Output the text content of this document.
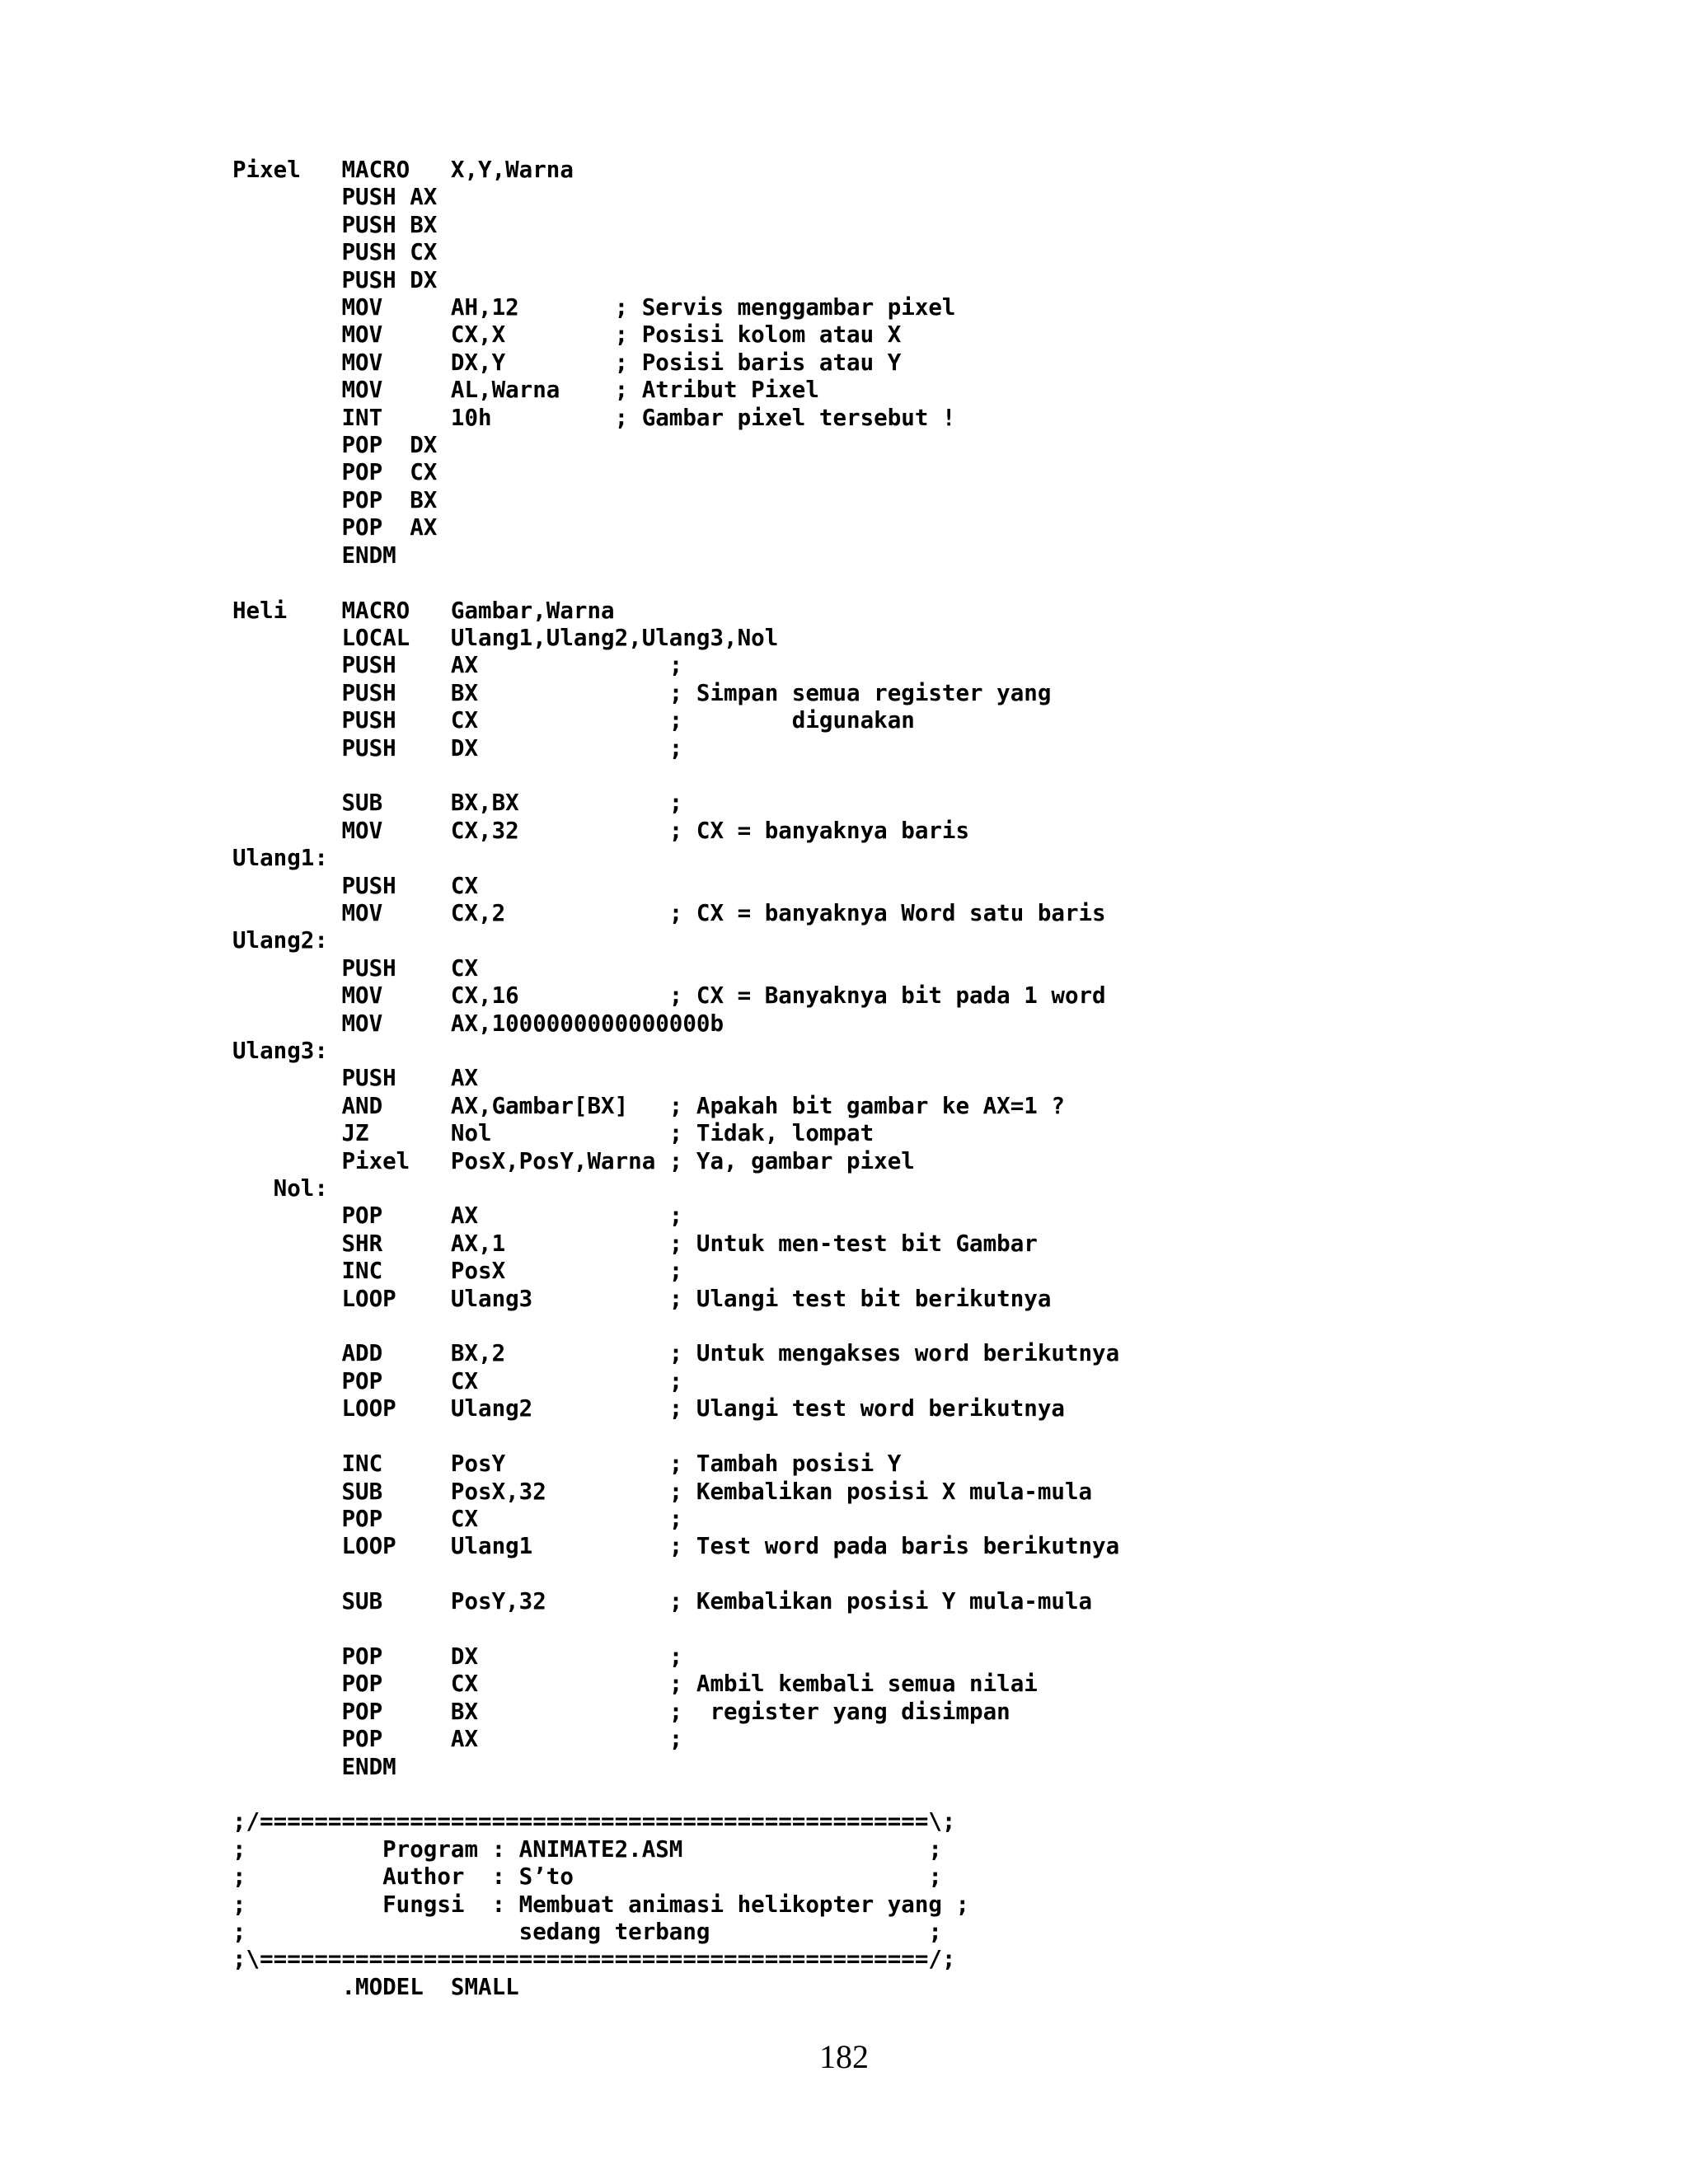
Pixel   MACRO   X,Y,Warna
PUSH AX
PUSH BX
PUSH CX
PUSH DX
MOV     AH,12       ; Servis menggambar pixel
MOV     CX,X        ; Posisi kolom atau X
MOV     DX,Y        ; Posisi baris atau Y
MOV     AL,Warna    ; Atribut Pixel
INT     10h         ; Gambar pixel tersebut !
POP  DX
POP  CX
POP  BX
POP  AX
ENDM

Heli    MACRO   Gambar,Warna
LOCAL   Ulang1,Ulang2,Ulang3,Nol
PUSH    AX              ;
PUSH    BX              ; Simpan semua register yang
PUSH    CX              ;        digunakan
PUSH    DX              ;

SUB     BX,BX           ;
MOV     CX,32           ; CX = banyaknya baris
Ulang1:
PUSH    CX
MOV     CX,2            ; CX = banyaknya Word satu baris
Ulang2:
PUSH    CX
MOV     CX,16           ; CX = Banyaknya bit pada 1 word
MOV     AX,1000000000000000b
Ulang3:
PUSH    AX
AND     AX,Gambar[BX]   ; Apakah bit gambar ke AX=1 ?
JZ      Nol             ; Tidak, lompat
Pixel   PosX,PosY,Warna ; Ya, gambar pixel
Nol:
POP     AX              ;
SHR     AX,1            ; Untuk men-test bit Gambar
INC     PosX            ;
LOOP    Ulang3          ; Ulangi test bit berikutnya

ADD     BX,2            ; Untuk mengakses word berikutnya
POP     CX              ;
LOOP    Ulang2          ; Ulangi test word berikutnya

INC     PosY            ; Tambah posisi Y
SUB     PosX,32         ; Kembalikan posisi X mula-mula
POP     CX              ;
LOOP    Ulang1          ; Test word pada baris berikutnya

SUB     PosY,32         ; Kembalikan posisi Y mula-mula

POP     DX              ;
POP     CX              ; Ambil kembali semua nilai
POP     BX              ;  register yang disimpan
POP     AX              ;
ENDM

;/=================================================\;
;          Program : ANIMATE2.ASM                  ;
;          Author  : S’to                          ;
;          Fungsi  : Membuat animasi helikopter yang ;
;                    sedang terbang                ;
;\=================================================/;
.MODEL  SMALL
182
